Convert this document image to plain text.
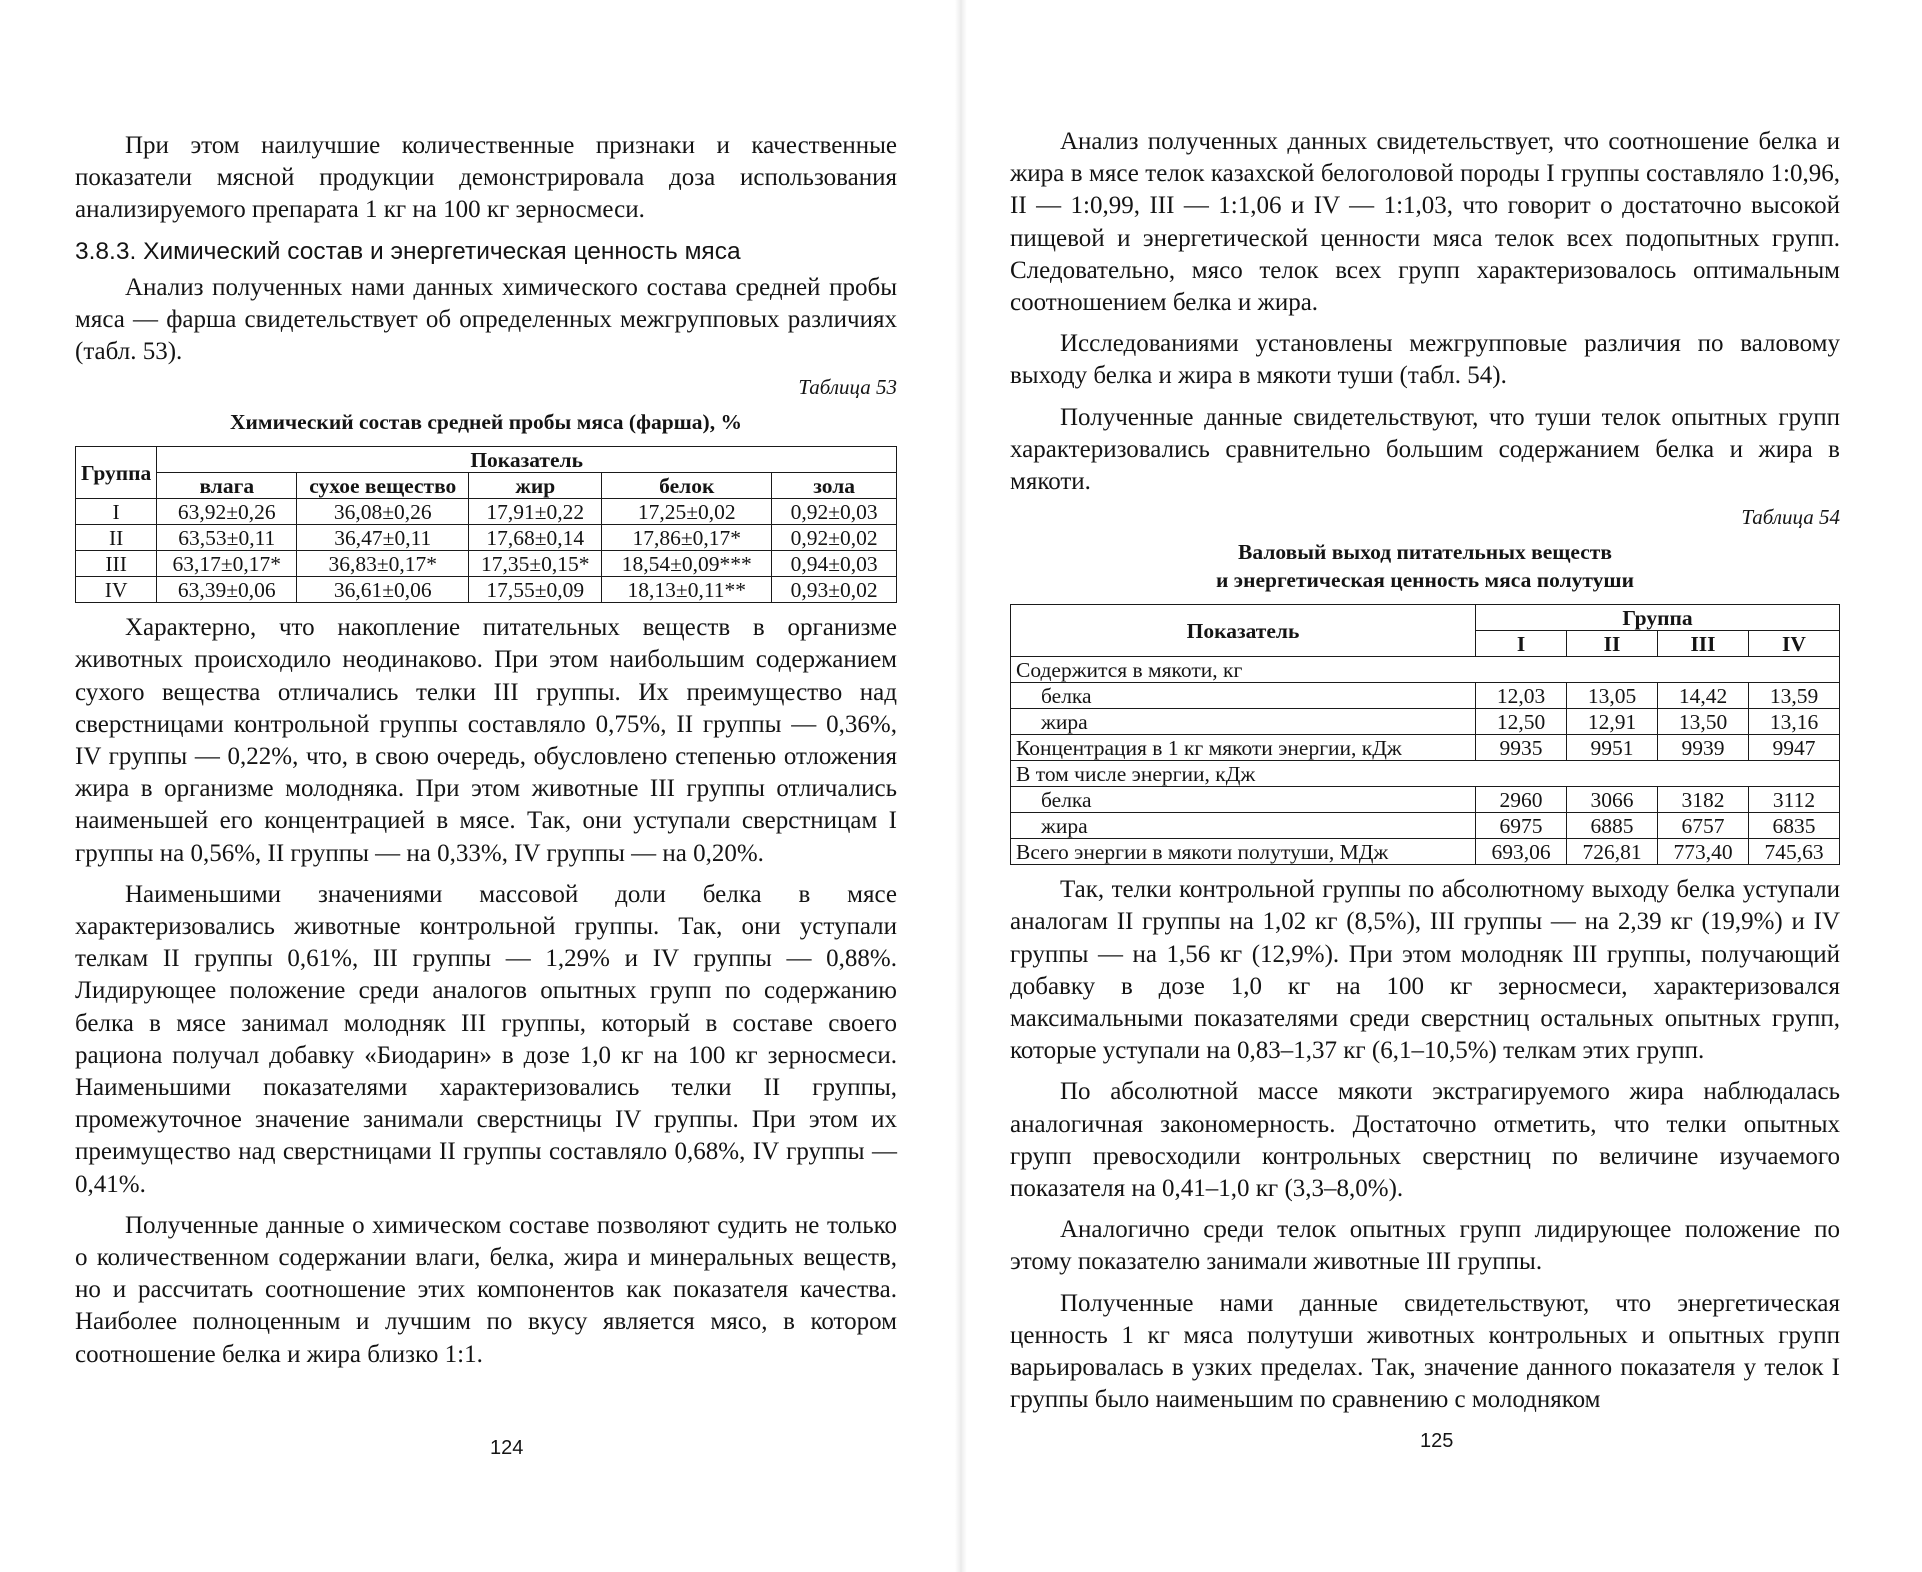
При этом наилучшие количественные признаки и качественные показатели мясной продукции демонстрировала доза использования анализируемого препарата 1 кг на 100 кг зерносмеси.

3.8.3. Химический состав и энергетическая ценность мяса

Анализ полученных нами данных химического состава средней пробы мяса — фарша свидетельствует об определенных межгрупповых различиях (табл. 53).

Таблица 53
Химический состав средней пробы мяса (фарша), %
Группа	Показатель				
	влага	сухое вещество	жир	белок	зола
I	63,92±0,26	36,08±0,26	17,91±0,22	17,25±0,02	0,92±0,03
II	63,53±0,11	36,47±0,11	17,68±0,14	17,86±0,17*	0,92±0,02
III	63,17±0,17*	36,83±0,17*	17,35±0,15*	18,54±0,09***	0,94±0,03
IV	63,39±0,06	36,61±0,06	17,55±0,09	18,13±0,11**	0,93±0,02

Характерно, что накопление питательных веществ в организме животных происходило неодинаково. При этом наибольшим содержанием сухого вещества отличались телки III группы. Их преимущество над сверстницами контрольной группы составляло 0,75%, II группы — 0,36%, IV группы — 0,22%, что, в свою очередь, обусловлено степенью отложения жира в организме молодняка. При этом животные III группы отличались наименьшей его концентрацией в мясе. Так, они уступали сверстницам I группы на 0,56%, II группы — на 0,33%, IV группы — на 0,20%.

Наименьшими значениями массовой доли белка в мясе характеризовались животные контрольной группы. Так, они уступали телкам II группы 0,61%, III группы — 1,29% и IV группы — 0,88%. Лидирующее положение среди аналогов опытных групп по содержанию белка в мясе занимал молодняк III группы, который в составе своего рациона получал добавку «Биодарин» в дозе 1,0 кг на 100 кг зерносмеси. Наименьшими показателями характеризовались телки II группы, промежуточное значение занимали сверстницы IV группы. При этом их преимущество над сверстницами II группы составляло 0,68%, IV группы — 0,41%.

Полученные данные о химическом составе позволяют судить не только о количественном содержании влаги, белка, жира и минеральных веществ, но и рассчитать соотношение этих компонентов как показателя качества. Наиболее полноценным и лучшим по вкусу является мясо, в котором соотношение белка и жира близко 1:1.

124

Анализ полученных данных свидетельствует, что соотношение белка и жира в мясе телок казахской белоголовой породы I группы составляло 1:0,96, II — 1:0,99, III — 1:1,06 и IV — 1:1,03, что говорит о достаточно высокой пищевой и энергетической ценности мяса телок всех подопытных групп. Следовательно, мясо телок всех групп характеризовалось оптимальным соотношением белка и жира.

Исследованиями установлены межгрупповые различия по валовому выходу белка и жира в мякоти туши (табл. 54).

Полученные данные свидетельствуют, что туши телок опытных групп характеризовались сравнительно большим содержанием белка и жира в мякоти.

Таблица 54
Валовый выход питательных веществ
и энергетическая ценность мяса полутуши
Показатель	Группа			
	I	II	III	IV
Содержится в мякоти, кг				
белка	12,03	13,05	14,42	13,59
жира	12,50	12,91	13,50	13,16
Концентрация в 1 кг мякоти энергии, кДж	9935	9951	9939	9947
В том числе энергии, кДж				
белка	2960	3066	3182	3112
жира	6975	6885	6757	6835
Всего энергии в мякоти полутуши, МДж	693,06	726,81	773,40	745,63

Так, телки контрольной группы по абсолютному выходу белка уступали аналогам II группы на 1,02 кг (8,5%), III группы — на 2,39 кг (19,9%) и IV группы — на 1,56 кг (12,9%). При этом молодняк III группы, получающий добавку в дозе 1,0 кг на 100 кг зерносмеси, характеризовался максимальными показателями среди сверстниц остальных опытных групп, которые уступали на 0,83–1,37 кг (6,1–10,5%) телкам этих групп.

По абсолютной массе мякоти экстрагируемого жира наблюдалась аналогичная закономерность. Достаточно отметить, что телки опытных групп превосходили контрольных сверстниц по величине изучаемого показателя на 0,41–1,0 кг (3,3–8,0%).

Аналогично среди телок опытных групп лидирующее положение по этому показателю занимали животные III группы.

Полученные нами данные свидетельствуют, что энергетическая ценность 1 кг мяса полутуши животных контрольных и опытных групп варьировалась в узких пределах. Так, значение данного показателя у телок I группы было наименьшим по сравнению с молодняком

125
